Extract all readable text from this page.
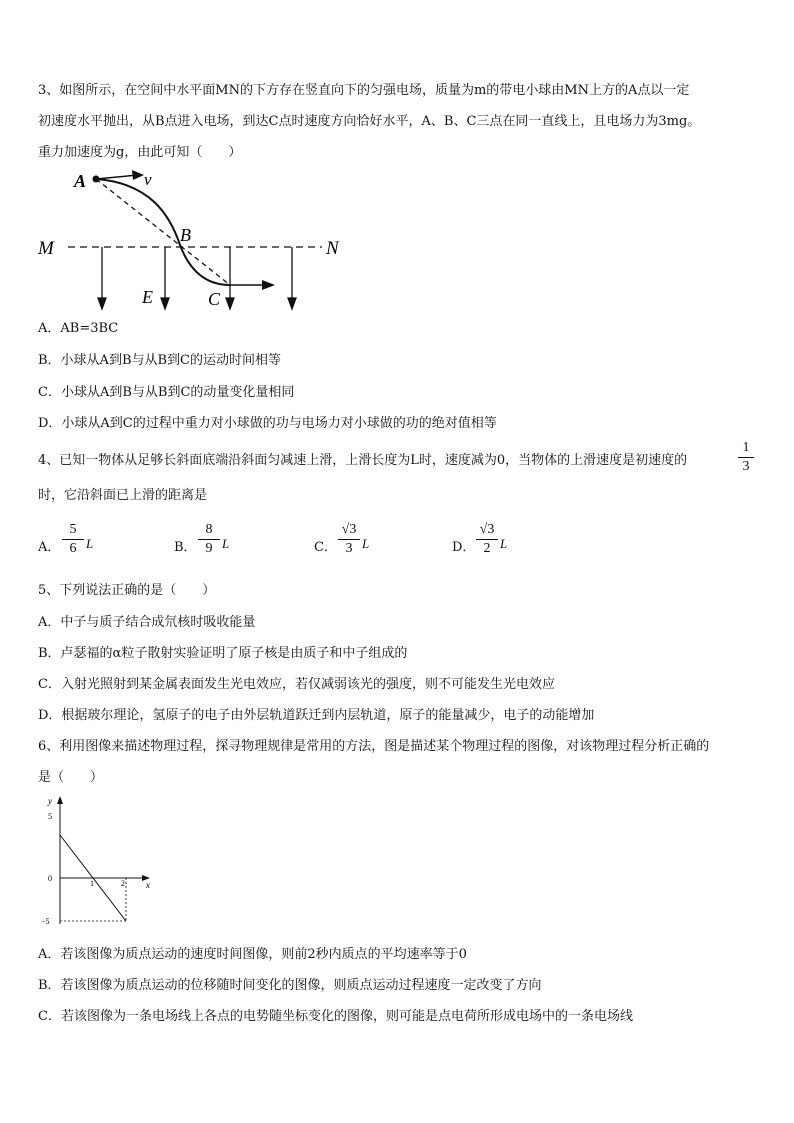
3、如图所示，在空间中水平面MN的下方存在竖直向下的匀强电场，质量为m的带电小球由MN上方的A点以一定
初速度水平抛出，从B点进入电场，到达C点时速度方向恰好水平，A、B、C三点在同一直线上，且电场力为3mg。
重力加速度为g，由此可知（　　）
A	v
M	N
B
E	C
A．AB=3BC
B．小球从A到B与从B到C的运动时间相等
C．小球从A到B与从B到C的动量变化量相同
D．小球从A到C的过程中重力对小球做的功与电场力对小球做的功的绝对值相等
4、已知一物体从足够长斜面底端沿斜面匀减速上滑，上滑长度为L时，速度减为0，当物体的上滑速度是初速度的
1
3
时，它沿斜面已上滑的距离是
A．
5
6 L	B．
8
9 L	C．
√3
3 L	D．
√3
2 L
5、下列说法正确的是（　　）
A．中子与质子结合成氘核时吸收能量
B．卢瑟福的α粒子散射实验证明了原子核是由质子和中子组成的
C．入射光照射到某金属表面发生光电效应，若仅减弱该光的强度，则不可能发生光电效应
D．根据玻尔理论，氢原子的电子由外层轨道跃迁到内层轨道，原子的能量减少，电子的动能增加
6、利用图像来描述物理过程，探寻物理规律是常用的方法，图是描述某个物理过程的图像，对该物理过程分析正确的
是（　　）
y
x
5
0
−5
1	2
A．若该图像为质点运动的速度时间图像，则前2秒内质点的平均速率等于0
B．若该图像为质点运动的位移随时间变化的图像，则质点运动过程速度一定改变了方向
C．若该图像为一条电场线上各点的电势随坐标变化的图像，则可能是点电荷所形成电场中的一条电场线
